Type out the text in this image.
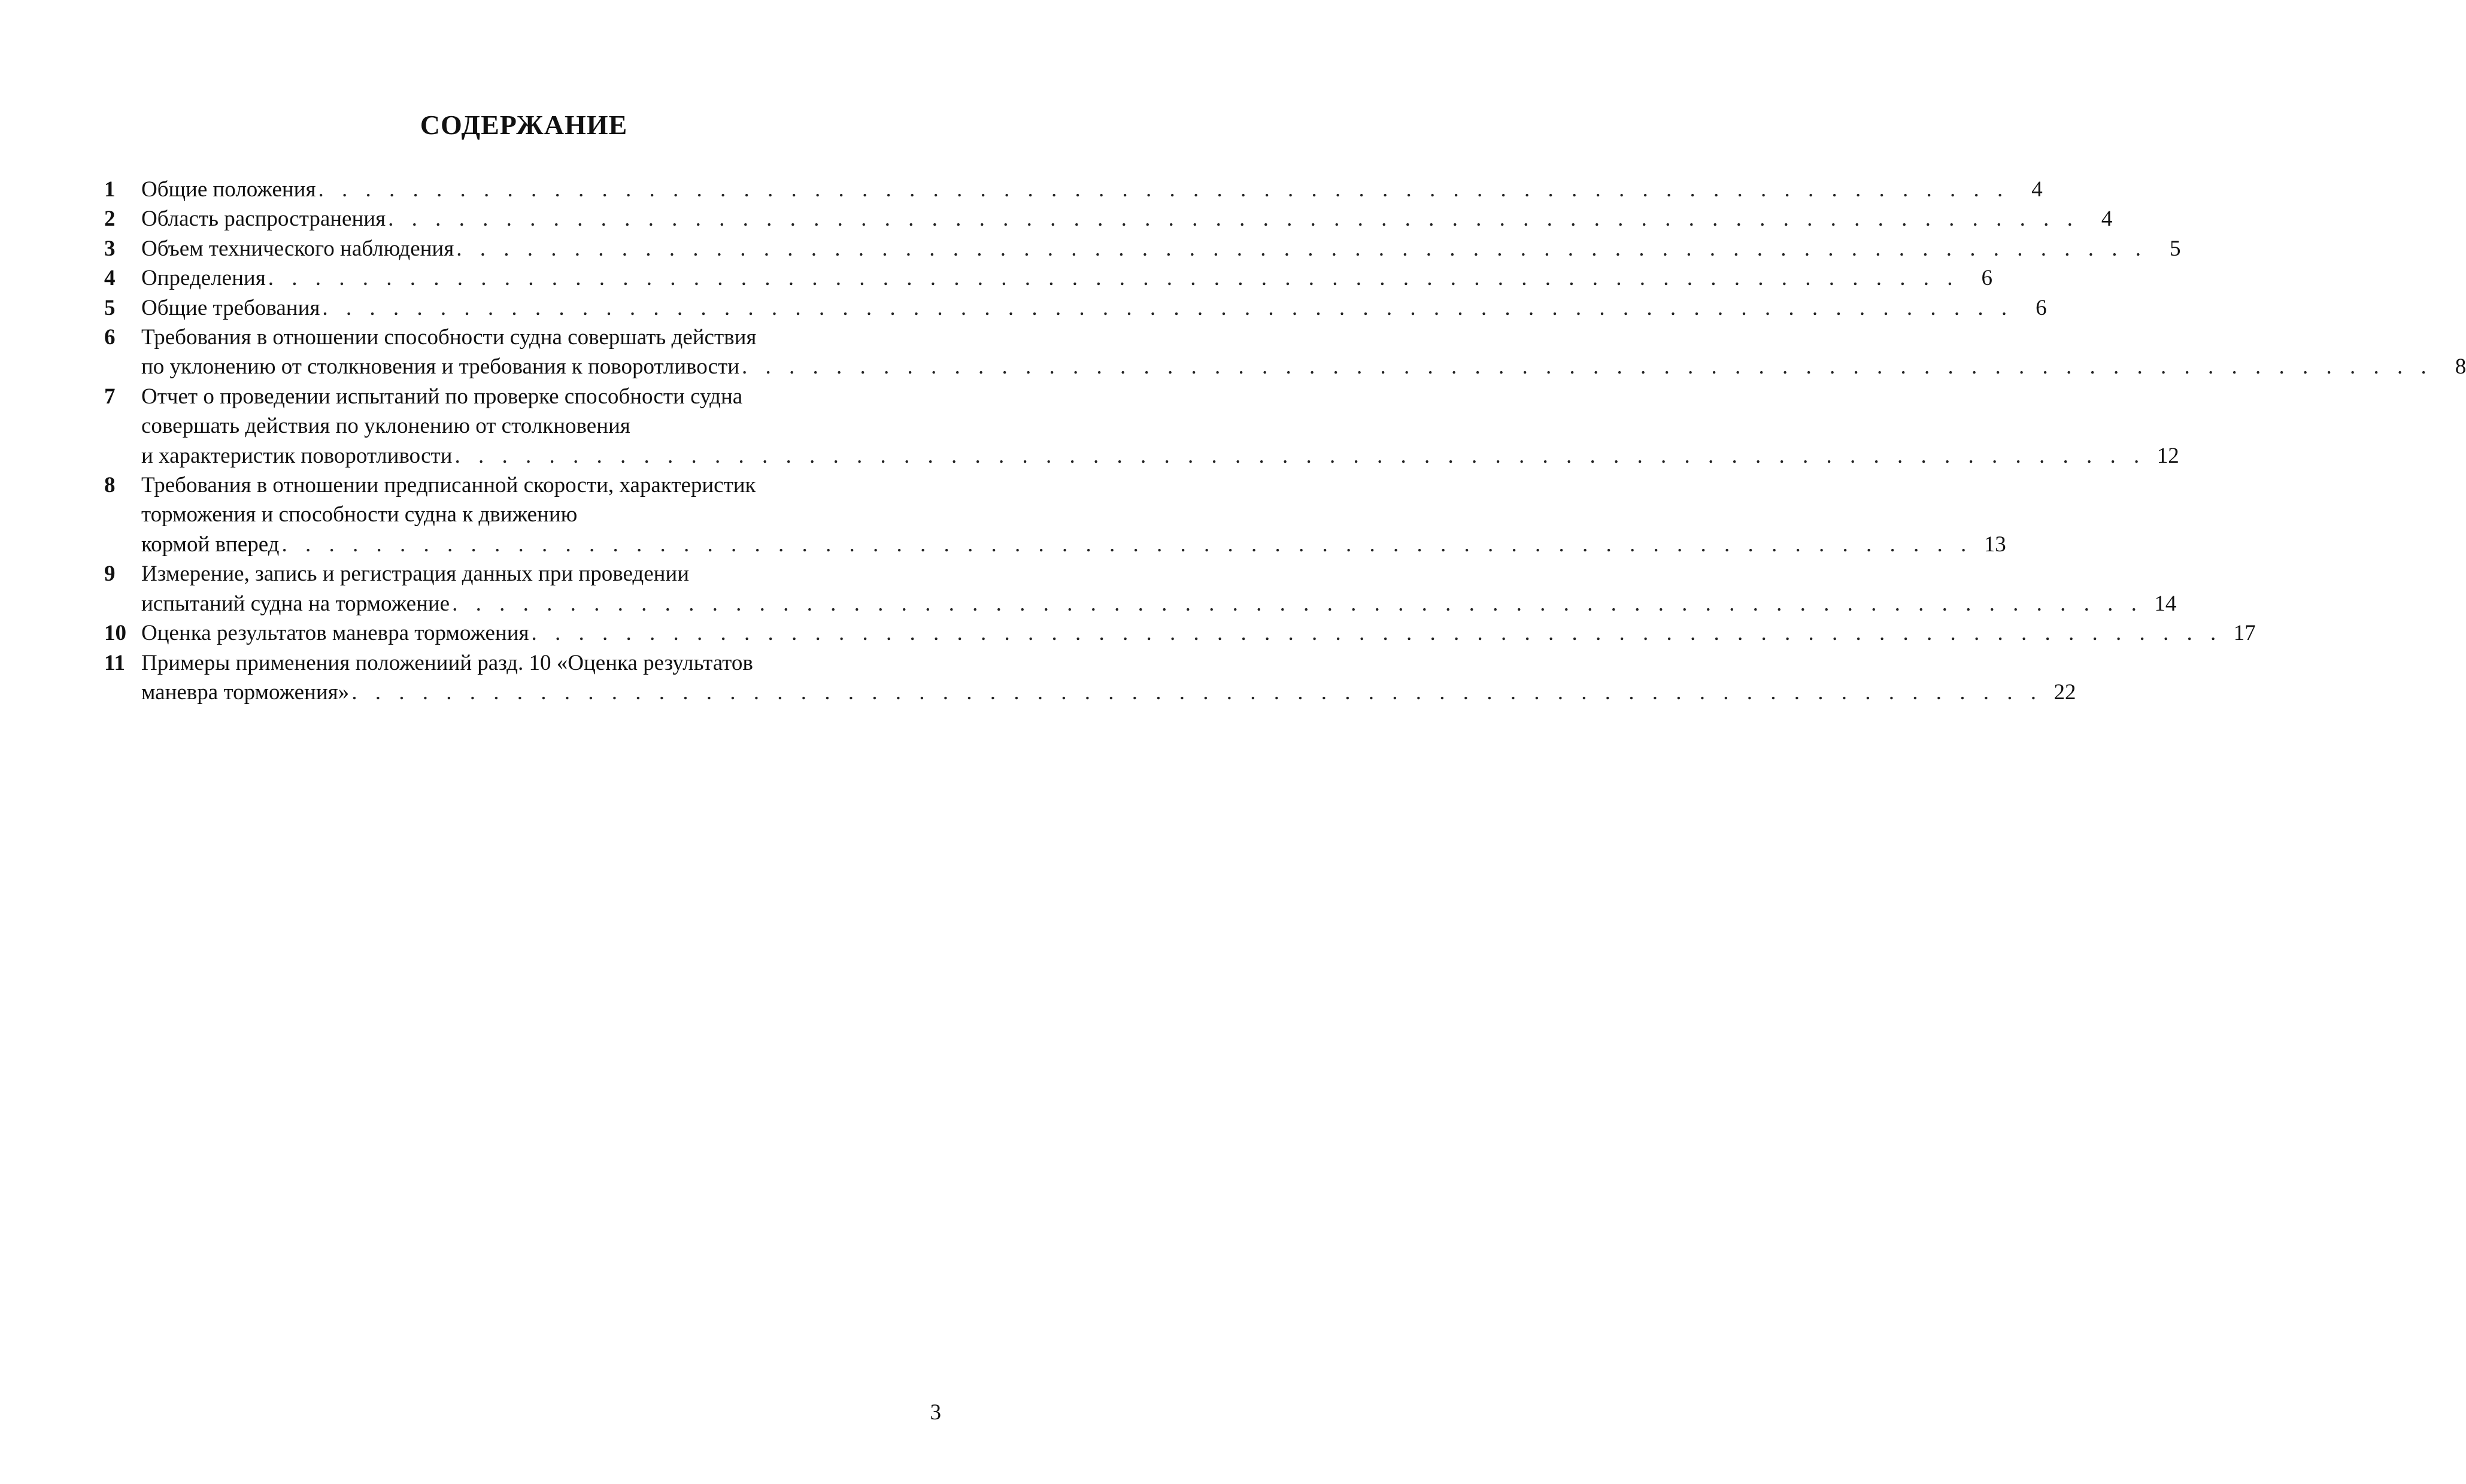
СОДЕРЖАНИЕ
1 Общие положения . . . . . . . . . . . . . . . . . . . . . . . . . . . . . . . . . . . . . . . . . . . . . . . . . . . . . . . . . . . . . . . . . . . . . . . .	4
2 Область распространения . . . . . . . . . . . . . . . . . . . . . . . . . . . . . . . . . . . . . . . . . . . . . . . . . . . . . . . . . . . . . . . . . . . . . . . .	4
3 Объем технического наблюдения . . . . . . . . . . . . . . . . . . . . . . . . . . . . . . . . . . . . . . . . . . . . . . . . . . . . . . . . . . . . . . . . . . . . . . . .	5
4 Определения . . . . . . . . . . . . . . . . . . . . . . . . . . . . . . . . . . . . . . . . . . . . . . . . . . . . . . . . . . . . . . . . . . . . . . . .	6
5 Общие требования . . . . . . . . . . . . . . . . . . . . . . . . . . . . . . . . . . . . . . . . . . . . . . . . . . . . . . . . . . . . . . . . . . . . . . . .	6
6 Требования в отношении способности судна совершать действия
по уклонению от столкновения и требования к поворотливости . . . . . . . . . . . . . . . . . . . . . . . . . . . . . . . . . . . . . . . . . . . . . . . . . . . . . . . . . . . . . . . . . . . . . . . .	8
7 Отчет о проведении испытаний по проверке способности судна
совершать действия по уклонению от столкновения
и характеристик поворотливости . . . . . . . . . . . . . . . . . . . . . . . . . . . . . . . . . . . . . . . . . . . . . . . . . . . . . . . . . . . . . . . . . . . . . . . . 12
8 Требования в отношении предписанной скорости, характеристик
торможения и способности судна к движению
кормой вперед . . . . . . . . . . . . . . . . . . . . . . . . . . . . . . . . . . . . . . . . . . . . . . . . . . . . . . . . . . . . . . . . . . . . . . . . 13
9 Измерение, запись и регистрация данных при проведении
испытаний судна на торможение . . . . . . . . . . . . . . . . . . . . . . . . . . . . . . . . . . . . . . . . . . . . . . . . . . . . . . . . . . . . . . . . . . . . . . . . 14
10 Оценка результатов маневра торможения . . . . . . . . . . . . . . . . . . . . . . . . . . . . . . . . . . . . . . . . . . . . . . . . . . . . . . . . . . . . . . . . . . . . . . . . 17
11 Примеры применения положениий разд. 10 «Оценка результатов
маневра торможения» . . . . . . . . . . . . . . . . . . . . . . . . . . . . . . . . . . . . . . . . . . . . . . . . . . . . . . . . . . . . . . . . . . . . . . . . 22
3
